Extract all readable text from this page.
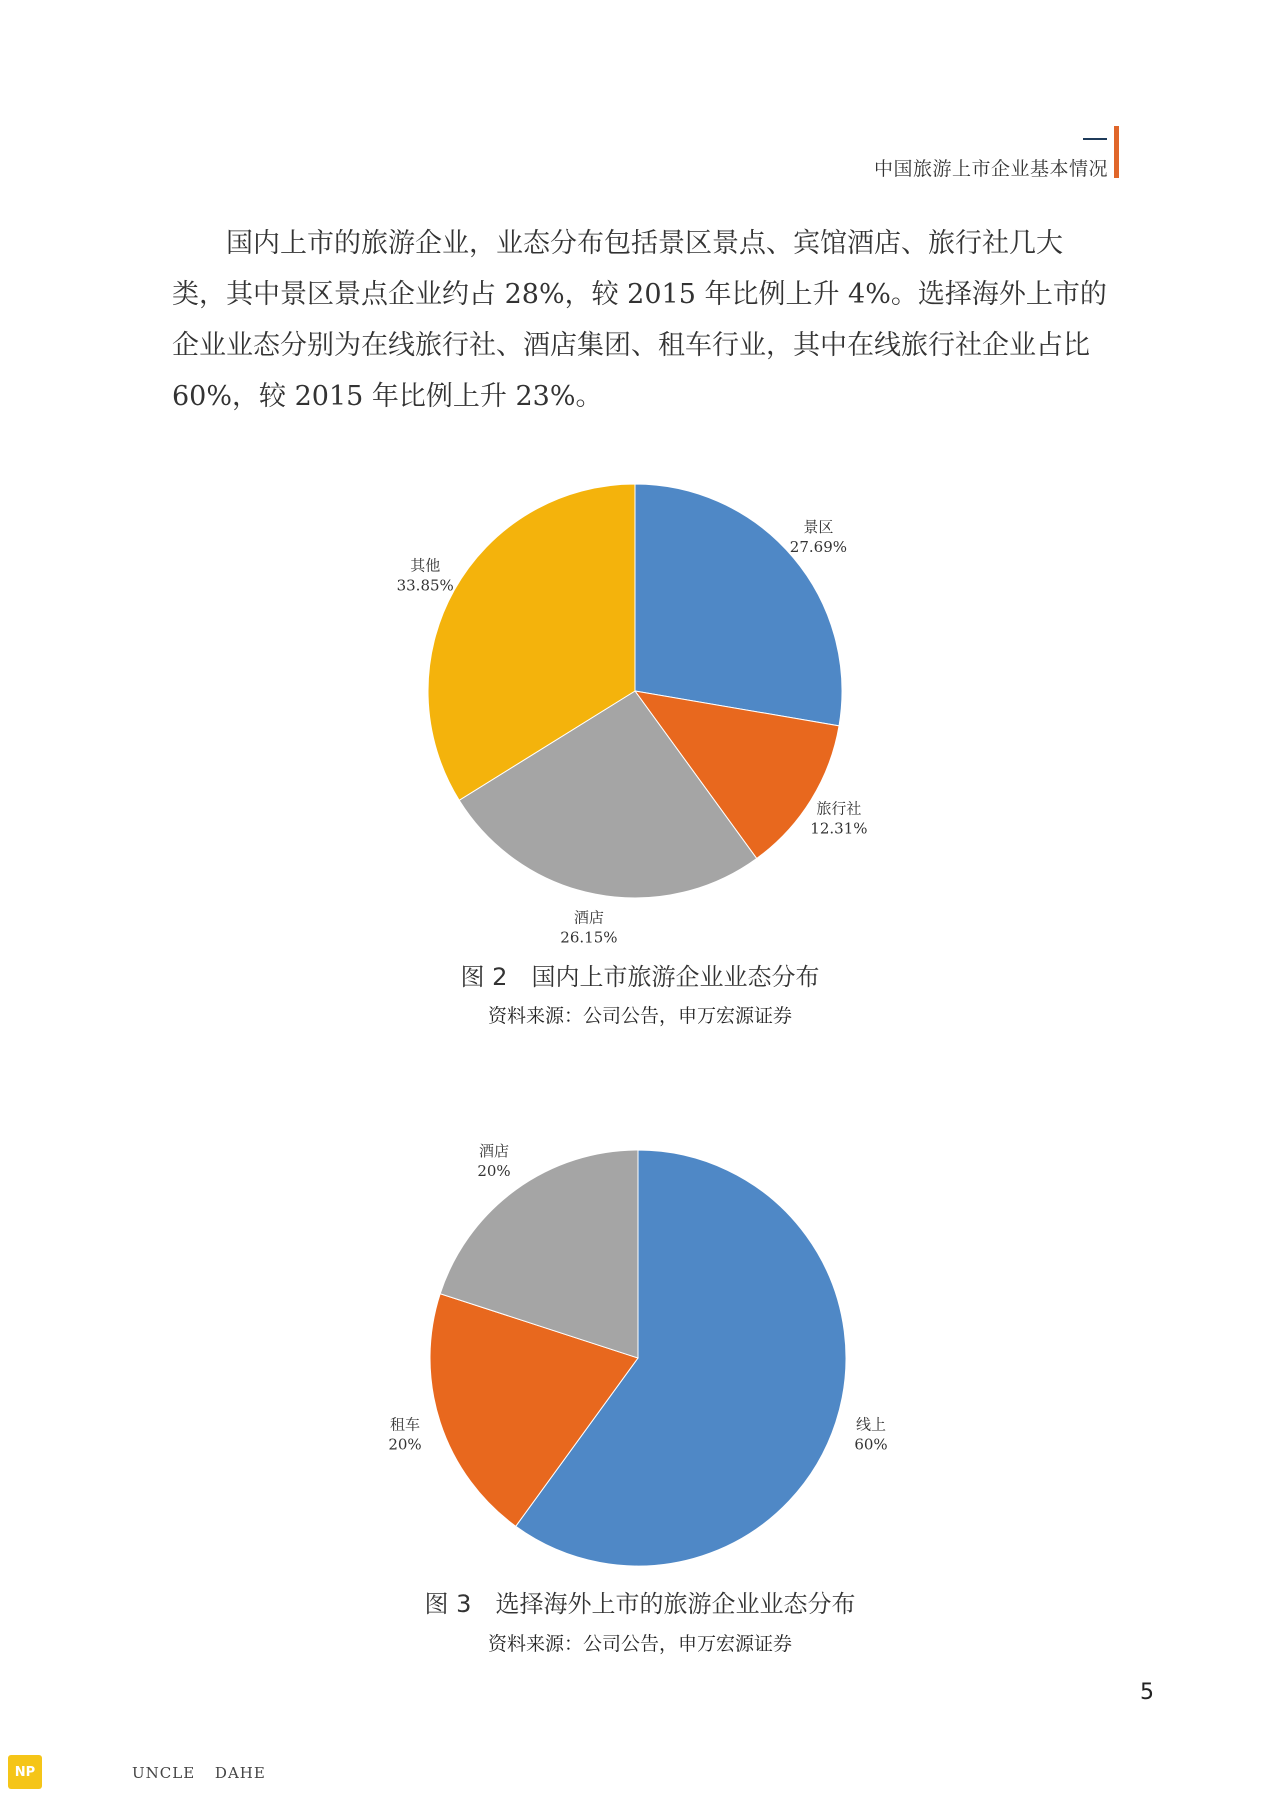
中国旅游上市企业基本情况

国内上市的旅游企业，业态分布包括景区景点、宾馆酒店、旅行社几大类，其中景区景点企业约占 28%，较 2015 年比例上升 4%。选择海外上市的企业业态分别为在线旅行社、酒店集团、租车行业，其中在线旅行社企业占比 60%，较 2015 年比例上升 23%。

景区
27.69%
旅行社
12.31%
酒店
26.15%
其他
33.85%
图 2　国内上市旅游企业业态分布
资料来源：公司公告，申万宏源证券
线上
60%
租车
20%
酒店
20%
图 3　选择海外上市的旅游企业业态分布
资料来源：公司公告，申万宏源证券
5
NP	UNCLE DAHE
